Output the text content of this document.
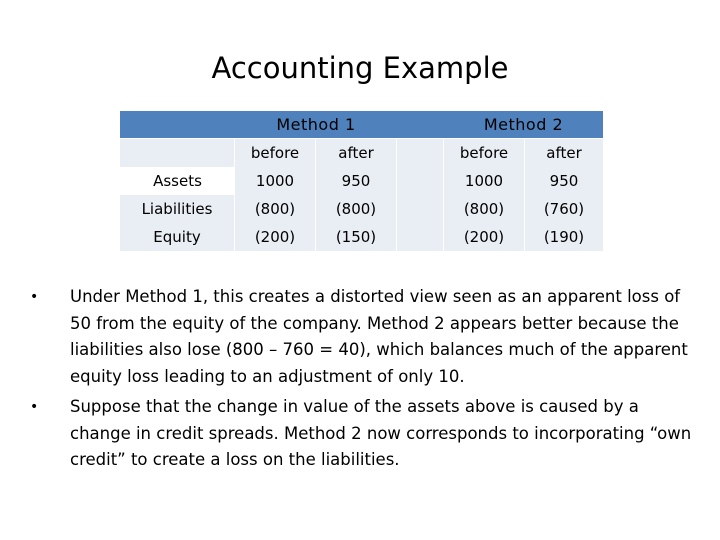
Accounting Example
	Method 1			Method 2	
	before	after		before	after
Assets	1000	950		1000	950
Liabilities	(800)	(800)		(800)	(760)
Equity	(200)	(150)		(200)	(190)
• Under Method 1, this creates a distorted view seen as an apparent loss of 50 from the equity of the company. Method 2 appears better because the liabilities also lose (800 – 760 = 40), which balances much of the apparent equity loss leading to an adjustment of only 10.
• Suppose that the change in value of the assets above is caused by a change in credit spreads. Method 2 now corresponds to incorporating “own credit” to create a loss on the liabilities.
